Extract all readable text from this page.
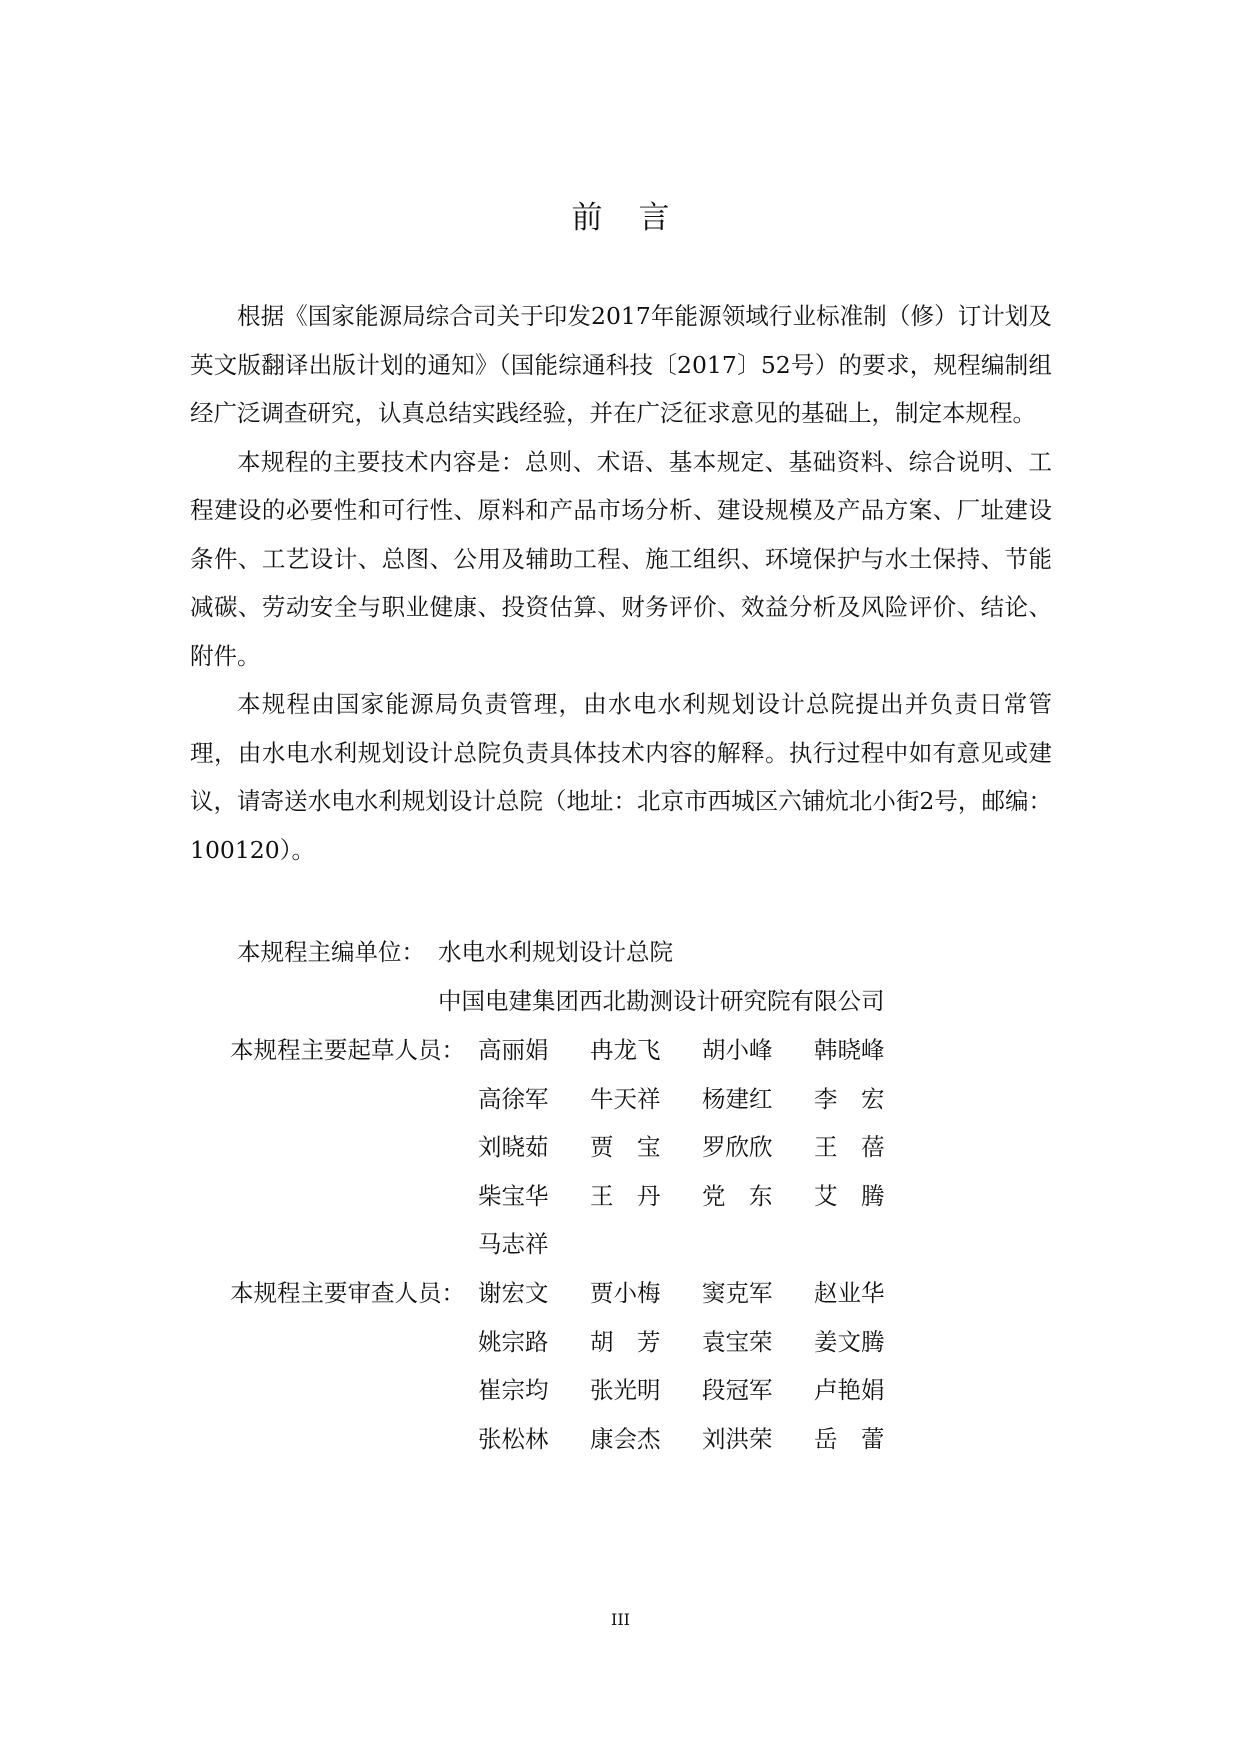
前言

根据《国家能源局综合司关于印发2017年能源领域行业标准制（修）订计划及英文版翻译出版计划的通知》（国能综通科技〔2017〕52号）的要求，规程编制组经广泛调查研究，认真总结实践经验，并在广泛征求意见的基础上，制定本规程。

本规程的主要技术内容是：总则、术语、基本规定、基础资料、综合说明、工程建设的必要性和可行性、原料和产品市场分析、建设规模及产品方案、厂址建设条件、工艺设计、总图、公用及辅助工程、施工组织、环境保护与水土保持、节能减碳、劳动安全与职业健康、投资估算、财务评价、效益分析及风险评价、结论、附件。

本规程由国家能源局负责管理，由水电水利规划设计总院提出并负责日常管理，由水电水利规划设计总院负责具体技术内容的解释。执行过程中如有意见或建议，请寄送水电水利规划设计总院（地址：北京市西城区六铺炕北小街2号，邮编：100120）。

本规程主编单位： 水电水利规划设计总院
中国电建集团西北勘测设计研究院有限公司
本规程主要起草人员： 高丽娟	冉龙飞	胡小峰	韩晓峰
高徐军	牛天祥	杨建红	李　宏
刘晓茹	贾　宝	罗欣欣	王　蓓
柴宝华	王　丹	党　东	艾　腾
马志祥
本规程主要审查人员： 谢宏文	贾小梅	窦克军	赵业华
姚宗路	胡　芳	袁宝荣	姜文腾
崔宗均	张光明	段冠军	卢艳娟
张松林	康会杰	刘洪荣	岳　蕾
III
